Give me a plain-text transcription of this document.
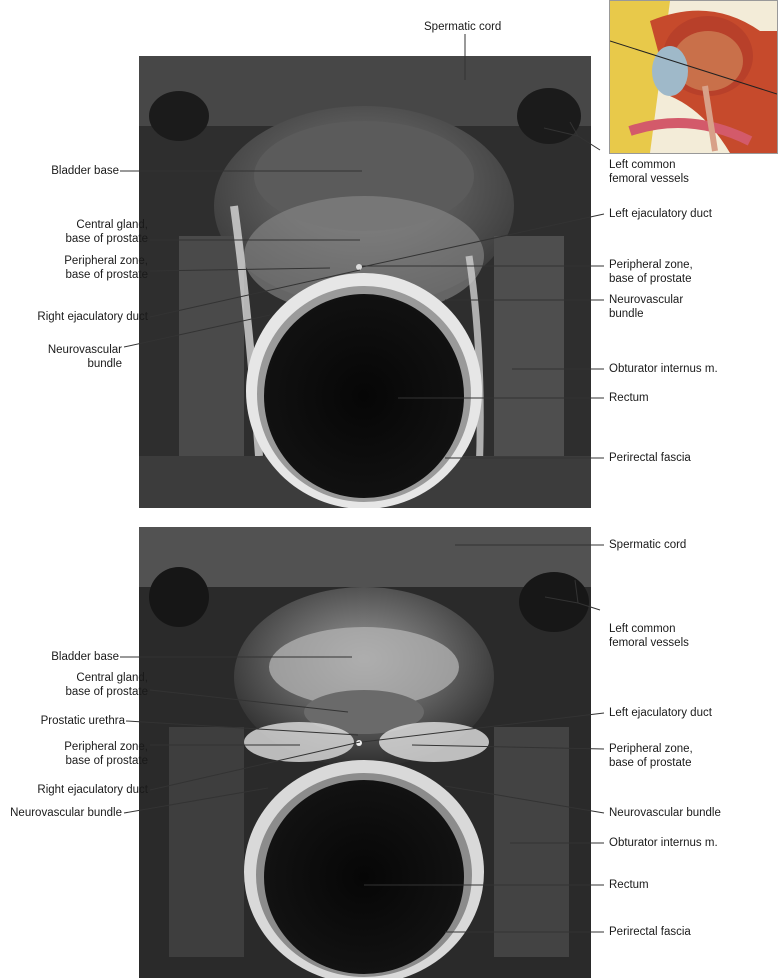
Spermatic cord
Bladder base
Central gland,
base of prostate
Peripheral zone,
base of prostate
Right ejaculatory duct
Neurovascular
bundle
Left common
femoral vessels
Left ejaculatory duct
Peripheral zone,
base of prostate
Neurovascular
bundle
Obturator internus m.
Rectum
Perirectal fascia
Spermatic cord
Left common
femoral vessels
Bladder base
Central gland,
base of prostate
Prostatic urethra
Peripheral zone,
base of prostate
Right ejaculatory duct
Neurovascular bundle
Left ejaculatory duct
Peripheral zone,
base of prostate
Neurovascular bundle
Obturator internus m.
Rectum
Perirectal fascia
